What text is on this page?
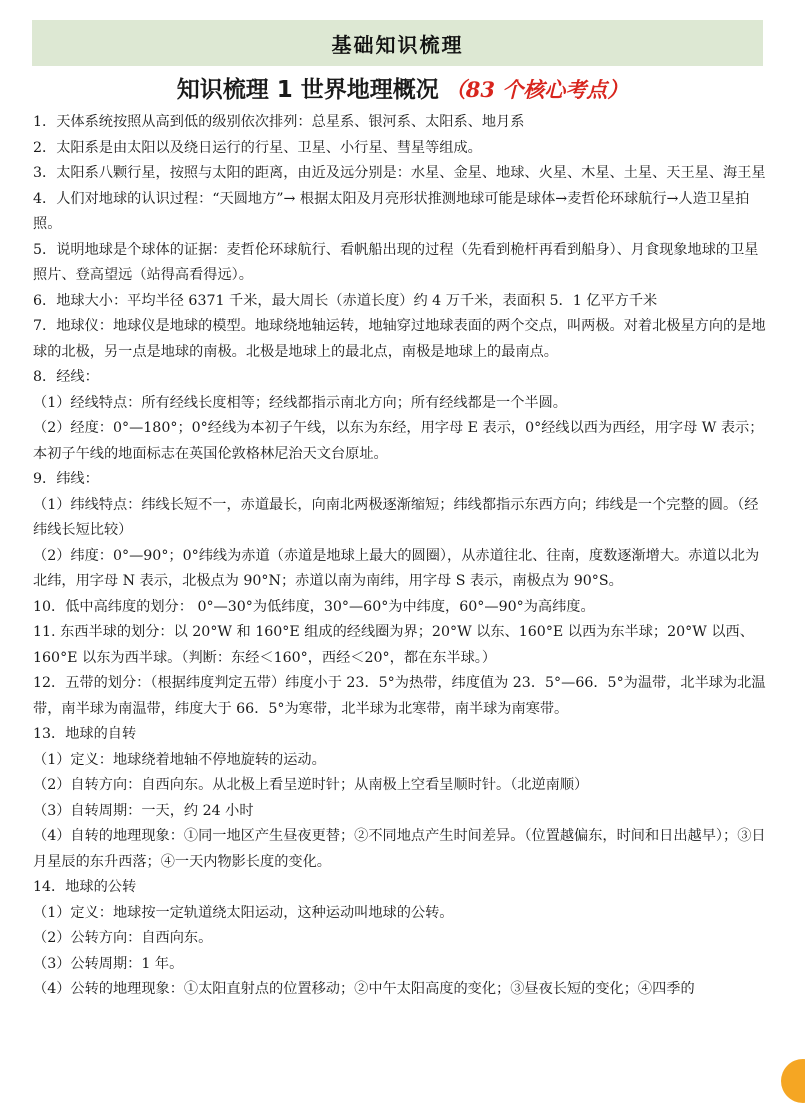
基础知识梳理
知识梳理 1 世界地理概况 （83 个核心考点）

1．天体系统按照从高到低的级别依次排列：总星系、银河系、太阳系、地月系

2．太阳系是由太阳以及绕日运行的行星、卫星、小行星、彗星等组成。

3．太阳系八颗行星，按照与太阳的距离，由近及远分别是：水星、金星、地球、火星、木星、土星、天王星、海王星

4．人们对地球的认识过程：“天圆地方”→ 根据太阳及月亮形状推测地球可能是球体→麦哲伦环球航行→人造卫星拍照。

5．说明地球是个球体的证据：麦哲伦环球航行、看帆船出现的过程（先看到桅杆再看到船身）、月食现象地球的卫星照片、登高望远（站得高看得远）。

6．地球大小：平均半径 6371 千米，最大周长（赤道长度）约 4 万千米，表面积 5．1 亿平方千米

7．地球仪：地球仪是地球的模型。地球绕地轴运转，地轴穿过地球表面的两个交点，叫两极。对着北极星方向的是地球的北极，另一点是地球的南极。北极是地球上的最北点，南极是地球上的最南点。

8．经线：

（1）经线特点：所有经线长度相等；经线都指示南北方向；所有经线都是一个半圆。

（2）经度：0°—180°；0°经线为本初子午线，以东为东经，用字母 E 表示，0°经线以西为西经，用字母 W 表示；本初子午线的地面标志在英国伦敦格林尼治天文台原址。

9．纬线：

（1）纬线特点：纬线长短不一，赤道最长，向南北两极逐渐缩短；纬线都指示东西方向；纬线是一个完整的圆。（经纬线长短比较）

（2）纬度：0°—90°；0°纬线为赤道（赤道是地球上最大的圆圈），从赤道往北、往南，度数逐渐增大。赤道以北为北纬，用字母 N 表示，北极点为 90°N；赤道以南为南纬，用字母 S 表示，南极点为 90°S。

10．低中高纬度的划分： 0°—30°为低纬度，30°—60°为中纬度，60°—90°为高纬度。

11. 东西半球的划分：以 20°W 和 160°E 组成的经线圈为界；20°W 以东、160°E 以西为东半球；20°W 以西、160°E 以东为西半球。（判断：东经＜160°，西经＜20°，都在东半球。）

12．五带的划分：（根据纬度判定五带）纬度小于 23．5°为热带，纬度值为 23．5°—66．5°为温带，北半球为北温带，南半球为南温带，纬度大于 66．5°为寒带，北半球为北寒带，南半球为南寒带。

13．地球的自转

（1）定义：地球绕着地轴不停地旋转的运动。

（2）自转方向：自西向东。从北极上看呈逆时针；从南极上空看呈顺时针。（北逆南顺）

（3）自转周期：一天，约 24 小时

（4）自转的地理现象：①同一地区产生昼夜更替；②不同地点产生时间差异。（位置越偏东，时间和日出越早）；③日月星辰的东升西落；④一天内物影长度的变化。

14．地球的公转

（1）定义：地球按一定轨道绕太阳运动，这种运动叫地球的公转。

（2）公转方向：自西向东。

（3）公转周期：1 年。

（4）公转的地理现象：①太阳直射点的位置移动；②中午太阳高度的变化；③昼夜长短的变化；④四季的
